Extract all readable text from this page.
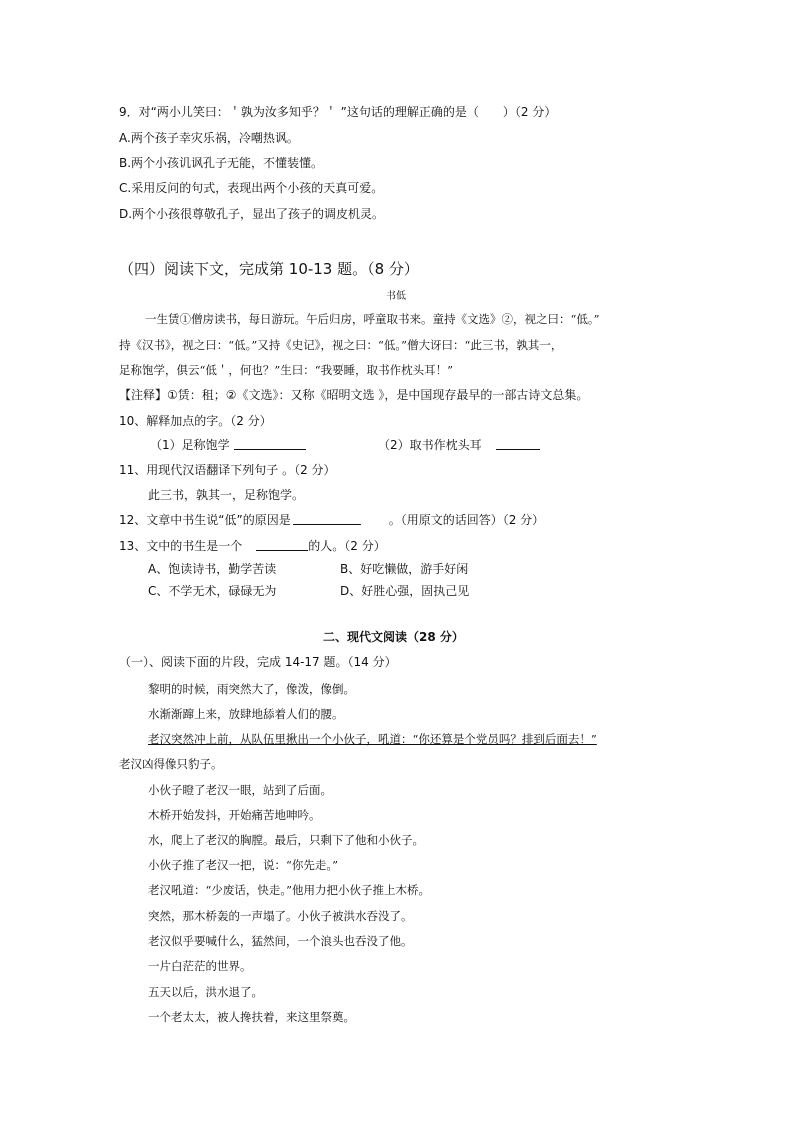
9．对“两小儿笑曰：＇孰为汝多知乎？＇ ”这句话的理解正确的是（　　）（2 分）
A.两个孩子幸灾乐祸，冷嘲热讽。
B.两个小孩讥讽孔子无能，不懂装懂。
C.采用反问的句式，表现出两个小孩的天真可爱。
D.两个小孩很尊敬孔子，显出了孩子的调皮机灵。
（四）阅读下文，完成第 10-13 题。（8 分）
书低
一生赁①僧房读书，每日游玩。午后归房，呼童取书来。童持《文选》②，视之曰：“低。”
持《汉书》，视之曰：“低。”又持《史记》，视之曰：“低。”僧大讶曰：“此三书，孰其一，
足称饱学，俱云“低＇，何也？”生曰：“我要睡，取书作枕头耳！”
【注释】①赁：租；②《文选》：又称《昭明文选 》，是中国现存最早的一部古诗文总集。
10、解释加点的字。（2 分）
（1）足称饱学	（2）取书作枕头耳
11、用现代汉语翻译下列句子 。（2 分）
此三书，孰其一，足称饱学。
12、文章中书生说“低”的原因是	。（用原文的话回答）（2 分）
13、文中的书生是一个	的人。（2 分）
A、饱读诗书，勤学苦读	B、好吃懒做，游手好闲
C、不学无术，碌碌无为	D、好胜心强，固执己见
二、现代文阅读（28 分）
（一）、阅读下面的片段，完成 14-17 题。（14 分）
黎明的时候，雨突然大了，像泼，像倒。
水渐渐蹿上来，放肆地舔着人们的腰。
老汉突然冲上前，从队伍里揪出一个小伙子，吼道：“你还算是个党员吗？排到后面去！”
老汉凶得像只豹子。
小伙子瞪了老汉一眼，站到了后面。
木桥开始发抖，开始痛苦地呻吟。
水，爬上了老汉的胸膛。最后，只剩下了他和小伙子。
小伙子推了老汉一把，说：“你先走。”
老汉吼道：“少废话，快走。”他用力把小伙子推上木桥。
突然，那木桥轰的一声塌了。小伙子被洪水吞没了。
老汉似乎要喊什么，猛然间，一个浪头也吞没了他。
一片白茫茫的世界。
五天以后，洪水退了。
一个老太太，被人搀扶着，来这里祭奠。
